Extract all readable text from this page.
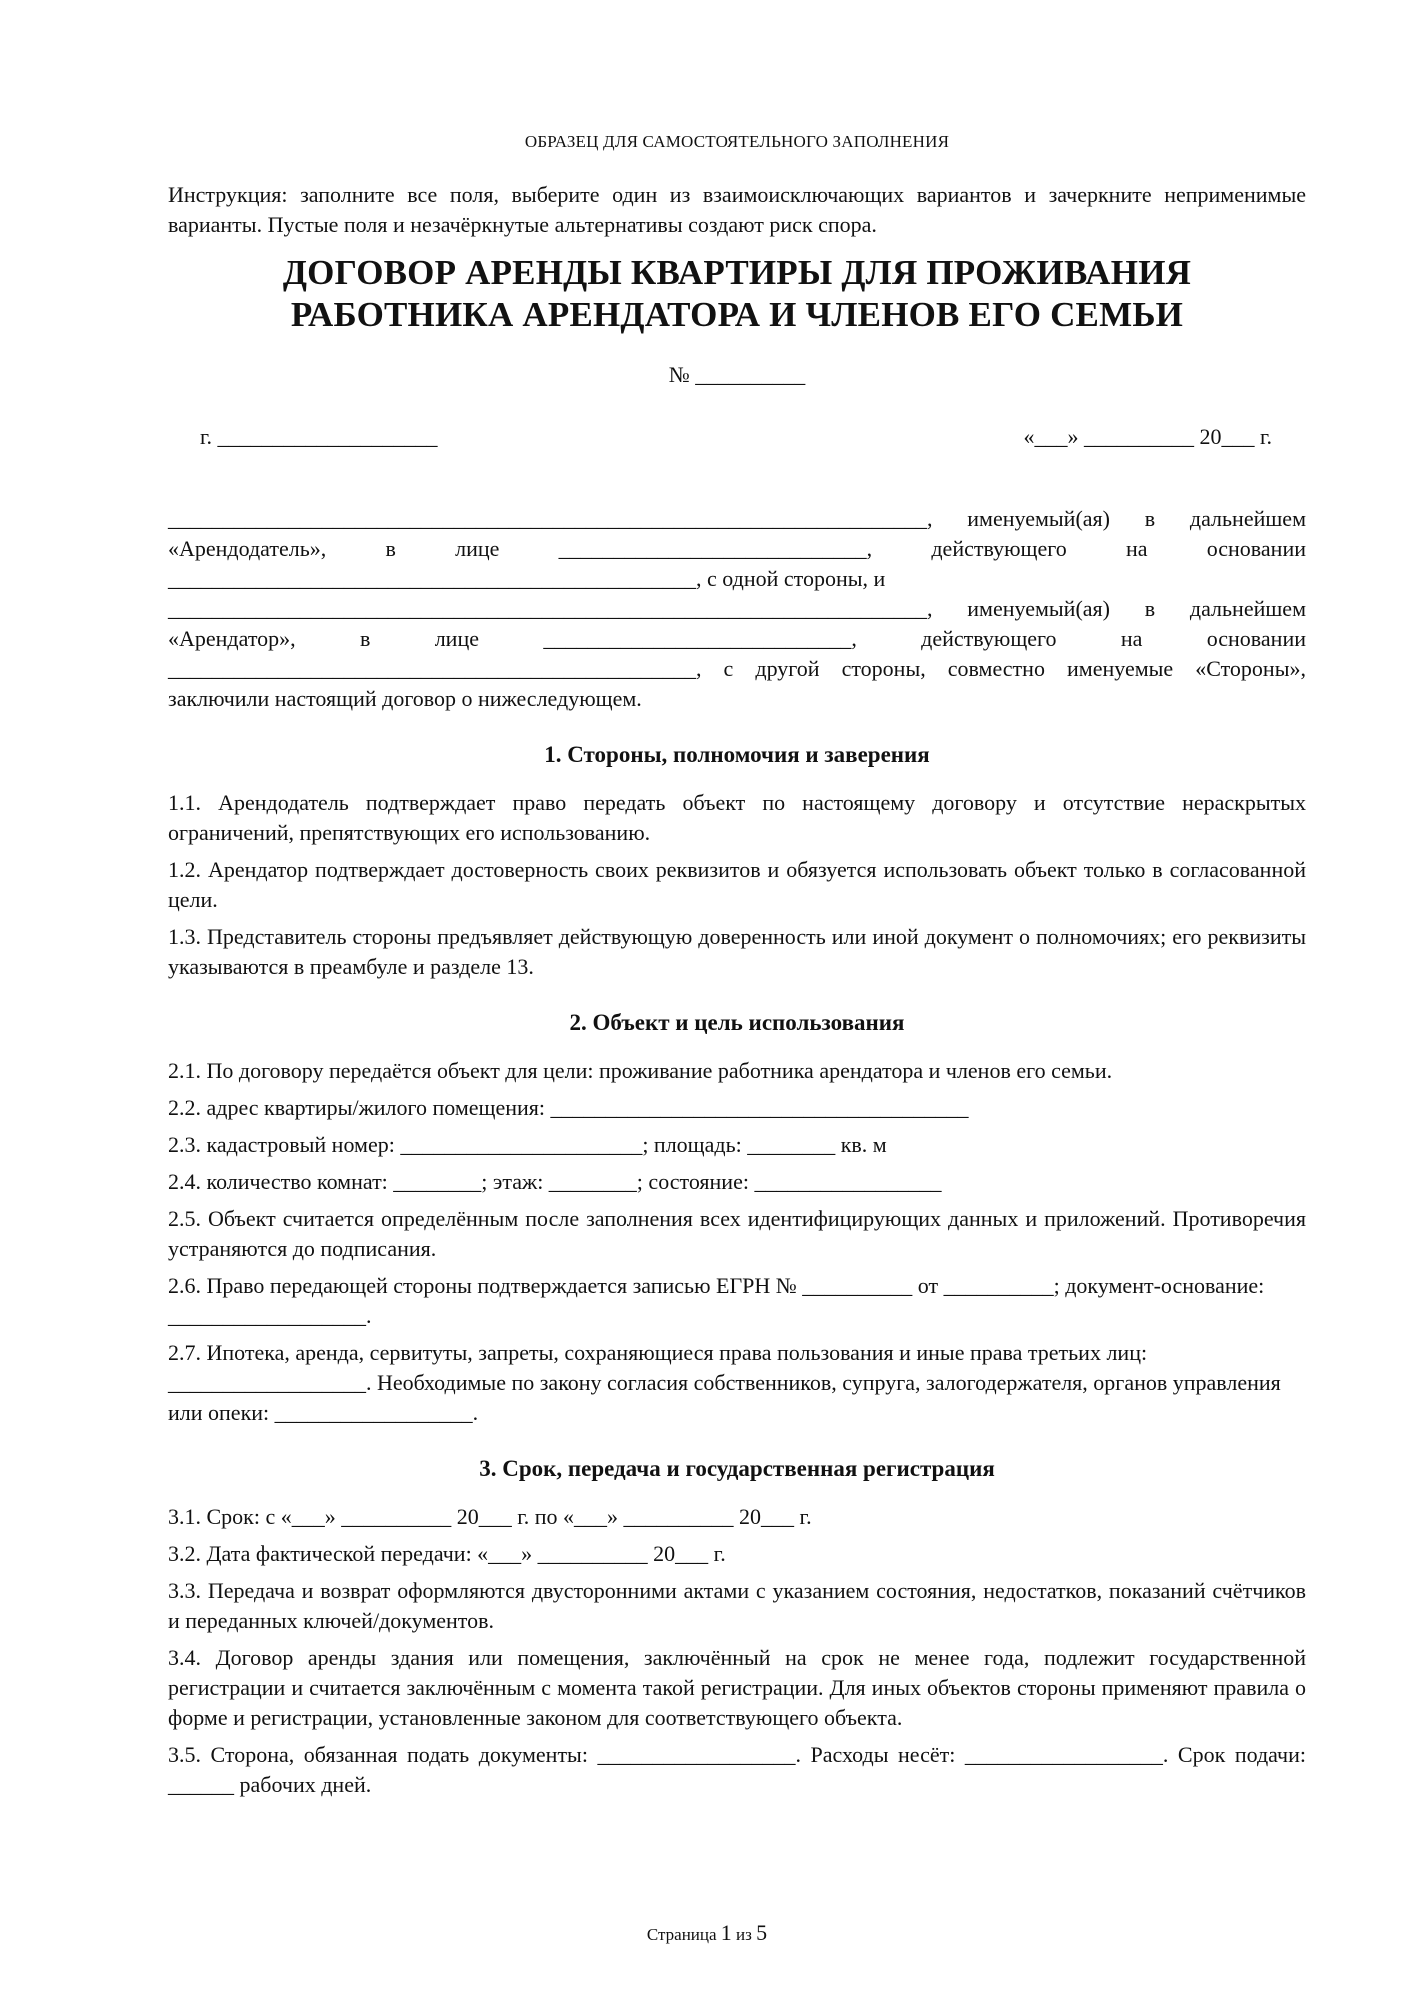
ОБРАЗЕЦ ДЛЯ САМОСТОЯТЕЛЬНОГО ЗАПОЛНЕНИЯ
Инструкция: заполните все поля, выберите один из взаимоисключающих вариантов и зачеркните неприменимые варианты. Пустые поля и незачёркнутые альтернативы создают риск спора.
ДОГОВОР АРЕНДЫ КВАРТИРЫ ДЛЯ ПРОЖИВАНИЯ
РАБОТНИКА АРЕНДАТОРА И ЧЛЕНОВ ЕГО СЕМЬИ
№ __________
г. ____________________	«___» __________ 20___ г.
_____________________________________________________________________, именуемый(ая) в дальнейшем «Арендодатель», в лице ____________________________, действующего на основании ________________________________________________, с одной стороны, и
_____________________________________________________________________, именуемый(ая) в дальнейшем «Арендатор», в лице ____________________________, действующего на основании ________________________________________________, с другой стороны, совместно именуемые «Стороны», заключили настоящий договор о нижеследующем.
1. Стороны, полномочия и заверения
1.1. Арендодатель подтверждает право передать объект по настоящему договору и отсутствие нераскрытых ограничений, препятствующих его использованию.
1.2. Арендатор подтверждает достоверность своих реквизитов и обязуется использовать объект только в согласованной цели.
1.3. Представитель стороны предъявляет действующую доверенность или иной документ о полномочиях; его реквизиты указываются в преамбуле и разделе 13.
2. Объект и цель использования
2.1. По договору передаётся объект для цели: проживание работника арендатора и членов его семьи.
2.2. адрес квартиры/жилого помещения: ______________________________________
2.3. кадастровый номер: ______________________; площадь: ________ кв. м
2.4. количество комнат: ________; этаж: ________; состояние: _________________
2.5. Объект считается определённым после заполнения всех идентифицирующих данных и приложений. Противоречия устраняются до подписания.
2.6. Право передающей стороны подтверждается записью ЕГРН № __________ от __________; документ-основание: __________________.
2.7. Ипотека, аренда, сервитуты, запреты, сохраняющиеся права пользования и иные права третьих лиц: __________________. Необходимые по закону согласия собственников, супруга, залогодержателя, органов управления или опеки: __________________.
3. Срок, передача и государственная регистрация
3.1. Срок: с «___» __________ 20___ г. по «___» __________ 20___ г.
3.2. Дата фактической передачи: «___» __________ 20___ г.
3.3. Передача и возврат оформляются двусторонними актами с указанием состояния, недостатков, показаний счётчиков и переданных ключей/документов.
3.4. Договор аренды здания или помещения, заключённый на срок не менее года, подлежит государственной регистрации и считается заключённым с момента такой регистрации. Для иных объектов стороны применяют правила о форме и регистрации, установленные законом для соответствующего объекта.
3.5. Сторона, обязанная подать документы: __________________. Расходы несёт: __________________. Срок подачи: ______ рабочих дней.
Страница 1 из 5
